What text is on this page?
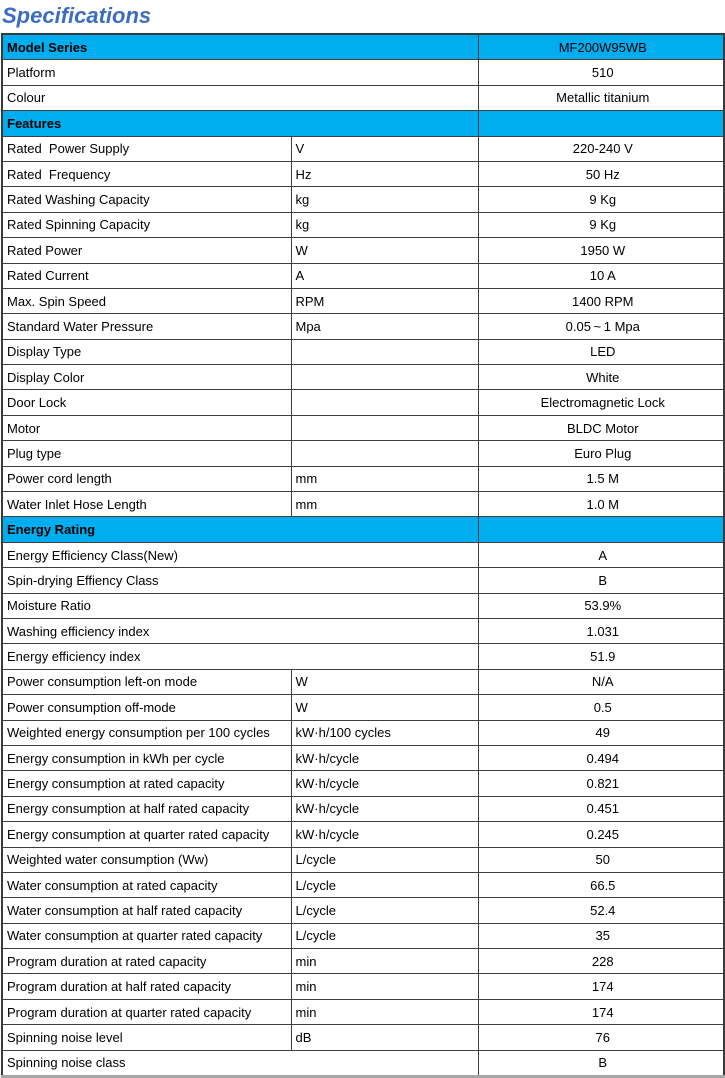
Specifications
Model Series		MF200W95WB
Platform		510
Colour		Metallic titanium
Features		
Rated  Power Supply	V	220-240 V
Rated  Frequency	Hz	50 Hz
Rated Washing Capacity	kg	9 Kg
Rated Spinning Capacity	kg	9 Kg
Rated Power	W	1950 W
Rated Current	A	10 A
Max. Spin Speed	RPM	1400 RPM
Standard Water Pressure	Mpa	0.05 ~ 1 Mpa
Display Type		LED
Display Color		White
Door Lock		Electromagnetic Lock
Motor		BLDC Motor
Plug type		Euro Plug
Power cord length	mm	1.5 M
Water Inlet Hose Length	mm	1.0 M
Energy Rating		
Energy Efficiency Class(New)		A
Spin-drying Effiency Class		B
Moisture Ratio		53.9%
Washing efficiency index		1.031
Energy efficiency index		51.9
Power consumption left-on mode	W	N/A
Power consumption off-mode	W	0.5
Weighted energy consumption per 100 cycles	kW·h/100 cycles	49
Energy consumption in kWh per cycle	kW·h/cycle	0.494
Energy consumption at rated capacity	kW·h/cycle	0.821
Energy consumption at half rated capacity	kW·h/cycle	0.451
Energy consumption at quarter rated capacity	kW·h/cycle	0.245
Weighted water consumption (Ww)	L/cycle	50
Water consumption at rated capacity	L/cycle	66.5
Water consumption at half rated capacity	L/cycle	52.4
Water consumption at quarter rated capacity	L/cycle	35
Program duration at rated capacity	min	228
Program duration at half rated capacity	min	174
Program duration at quarter rated capacity	min	174
Spinning noise level	dB	76
Spinning noise class		B
